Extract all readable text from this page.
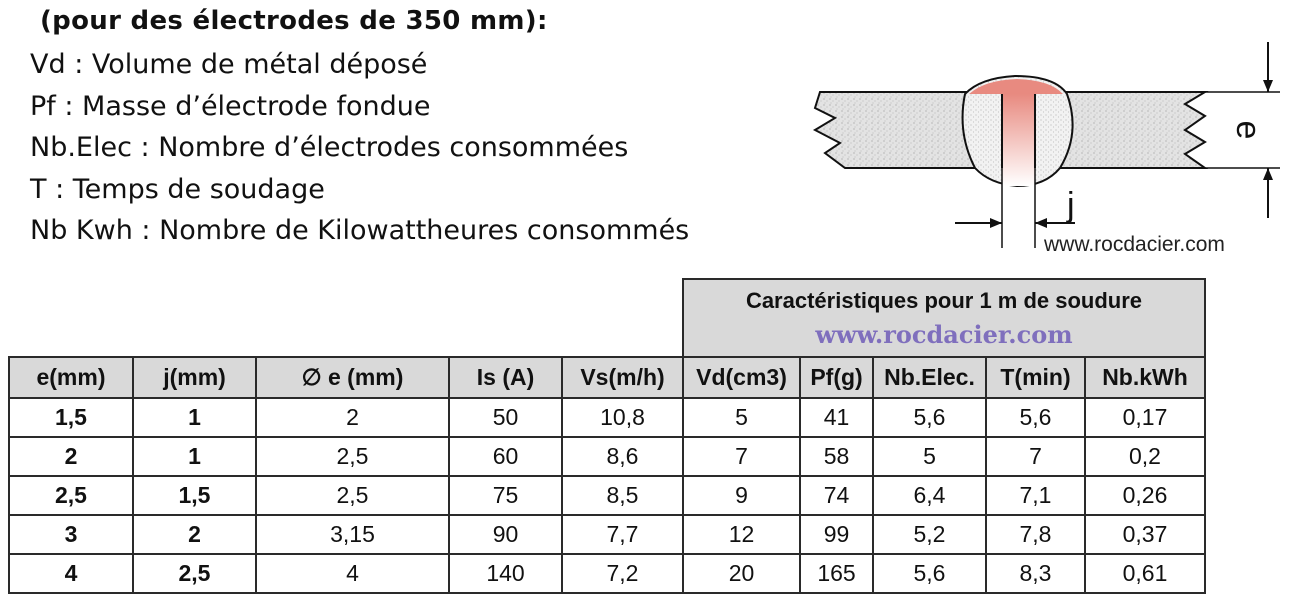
(pour des électrodes de 350 mm):
Vd : Volume de métal déposé
Pf : Masse d’électrode fondue
Nb.Elec : Nombre d’électrodes consommées
T : Temps de soudage
Nb Kwh : Nombre de Kilowattheures consommés
j
e
www.rocdacier.com

					Caractéristiques pour 1 m de soudure
www.rocdacier.com				

e(mm)	j(mm)	∅ e (mm)	Is (A)	Vs(m/h)	Vd(cm3)	Pf(g)	Nb.Elec.	T(min)	Nb.kWh
1,5	1	2	50	10,8	5	41	5,6	5,6	0,17
2	1	2,5	60	8,6	7	58	5	7	0,2
2,5	1,5	2,5	75	8,5	9	74	6,4	7,1	0,26
3	2	3,15	90	7,7	12	99	5,2	7,8	0,37
4	2,5	4	140	7,2	20	165	5,6	8,3	0,61
